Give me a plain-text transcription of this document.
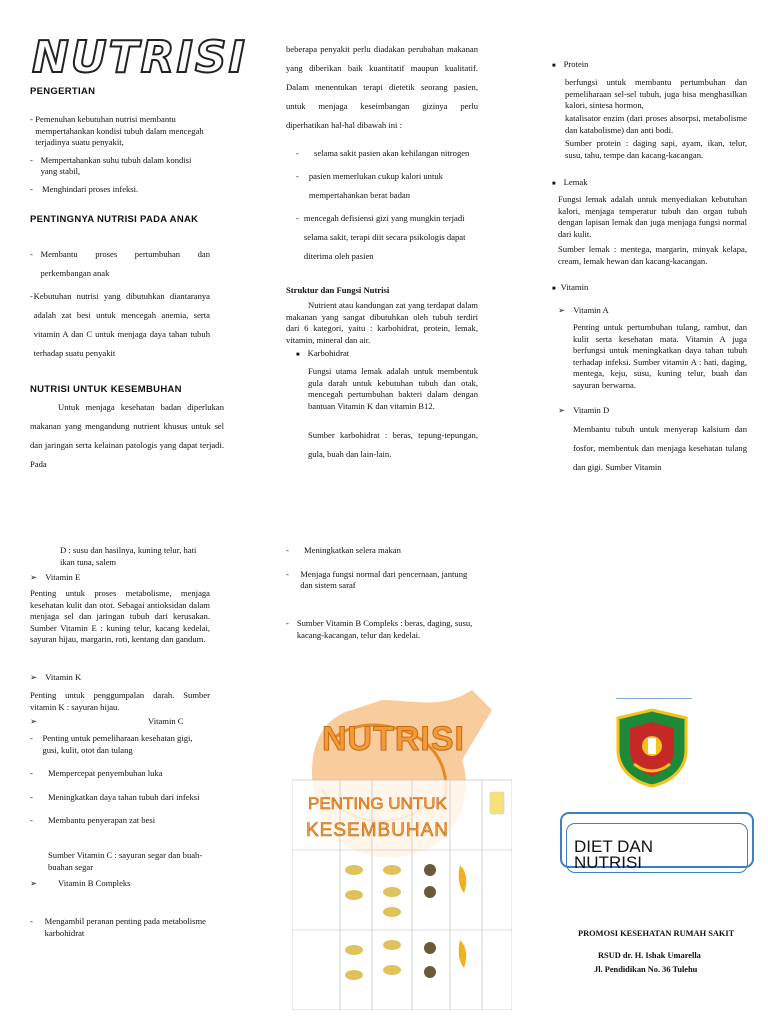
NUTRISI
PENGERTIAN
- Pemenuhan kebutuhan nutrisi membantu mempertahankan kondisi tubuh dalam mencegah terjadinya suatu penyakit,
- Mempertahankan suhu tubuh dalam kondisi yang stabil,
-	Menghindari proses infeksi.
PENTINGNYA NUTRISI PADA ANAK
- Membantu proses pertumbuhan dan perkembangan anak
- Kebutuhan nutrisi yang dibutuhkan diantaranya adalah zat besi untuk mencegah anemia, serta vitamin A dan C untuk menjaga daya tahan tubuh terhadap suatu penyakit
NUTRISI UNTUK KESEMBUHAN
Untuk menjaga kesehatan badan diperlukan makanan yang mengandung nutrient khusus untuk sel dan jaringan serta kelainan patologis yang dapat terjadi. Pada
beberapa penyakit perlu diadakan perubahan makanan yang diberikan baik kuantitatif maupun kualitatif. Dalam menentukan terapi dietetik seorang pasien, untuk menjaga keseimbangan gizinya perlu diperhatikan hal-hal dibawah ini :
-	selama sakit pasien akan kehilangan nitrogen
-	pasien memerlukan cukup kalori untuk mempertahankan berat badan
- mencegah defisiensi gizi yang mungkin terjadi selama sakit, terapi diit secara psikologis dapat diterima oleh pasien
Struktur dan Fungsi Nutrisi
Nutrient atau kandungan zat yang terdapat dalam makanan yang sangat dibutuhkan oleh tubuh terdiri dari 6 kategori, yaitu : karbohidrat, protein, lemak, vitamin, mineral dan air.
■ Karbohidrat
Fungsi utama lemak adalah untuk membentuk gula darah untuk kebutuhan tubuh dan otak, mencegah pertumbuhan bakteri dalam dengan bantuan Vitamin K dan vitamin B12.
Sumber karbohidrat : beras, tepung-tepungan, gula, buah dan lain-lain.
■ Protein
berfungsi untuk membantu pertumbuhan dan pemeliharaan sel-sel tubuh, juga bisa menghasilkan kalori, sintesa hormon,
katalisator enzim (dari proses absorpsi, metabolisme dan katabolisme) dan anti bodi.
Sumber protein : daging sapi, ayam, ikan, telur, susu, tahu, tempe dan kacang-kacangan.
■ Lemak
Fungsi lemak adalah untuk menyediakan kebutuhan kalori, menjaga temperatur tubuh dan organ tubuh dengan lapisan lemak dan juga menjaga fungsi normal dari kulit.
Sumber lemak : mentega, margarin, minyak kelapa, cream, lemak hewan dan kacang-kacangan.
■ Vitamin
➢ Vitamin A
Penting untuk pertumbuhan tulang, rambut, dan kulit serta kesehatan mata. Vitamin A juga berfungsi untuk meningkatkan daya tahan tubuh terhadap infeksi. Sumber vitamin A : hati, daging, mentega, keju, susu, kuning telur, buah dan sayuran berwarna.
➢ Vitamin D
Membantu tubuh untuk menyerap kalsium dan fosfor, membentuk dan menjaga kesehatan tulang dan gigi. Sumber Vitamin
D : susu dan hasilnya, kuning telur, hati ikan tuna, salem
➢ Vitamin E
Penting untuk proses metabolisme, menjaga kesehatan kulit dan otot. Sebagai antioksidan dalam menjaga sel dan jaringan tubuh dari kerusakan. Sumber Vitamin E : kuning telur, kacang kedelai, sayuran hijau, margarin, roti, kentang dan gandum.
➢ Vitamin K
Penting untuk penggumpalan darah. Sumber vitamin K : sayuran hijau.
➢	Vitamin C
-	Penting untuk pemeliharaan kesehatan gigi, gusi, kulit, otot dan tulang
-	Mempercepat penyembuhan luka
-	Meningkatkan daya tahan tubuh dari infeksi
-	Membantu penyerapan zat besi
Sumber Vitamin C : sayuran segar dan buah-buahan segar
➢	Vitamin B Compleks
-	Mengambil peranan penting pada metabolisme karbohidrat
-	Meningkatkan selera makan
-	Menjaga fungsi normal dari pencernaan, jantung dan sistem saraf
- Sumber Vitamin B Compleks : beras, daging, susu, kacang-kacangan, telur dan kedelai.
NUTRISI
PENTING UNTUK
KESEMBUHAN
DIET DAN
NUTRISI
PROMOSI KESEHATAN RUMAH SAKIT
RSUD dr. H. Ishak Umarella
Jl. Pendidikan No. 36 Tulehu
